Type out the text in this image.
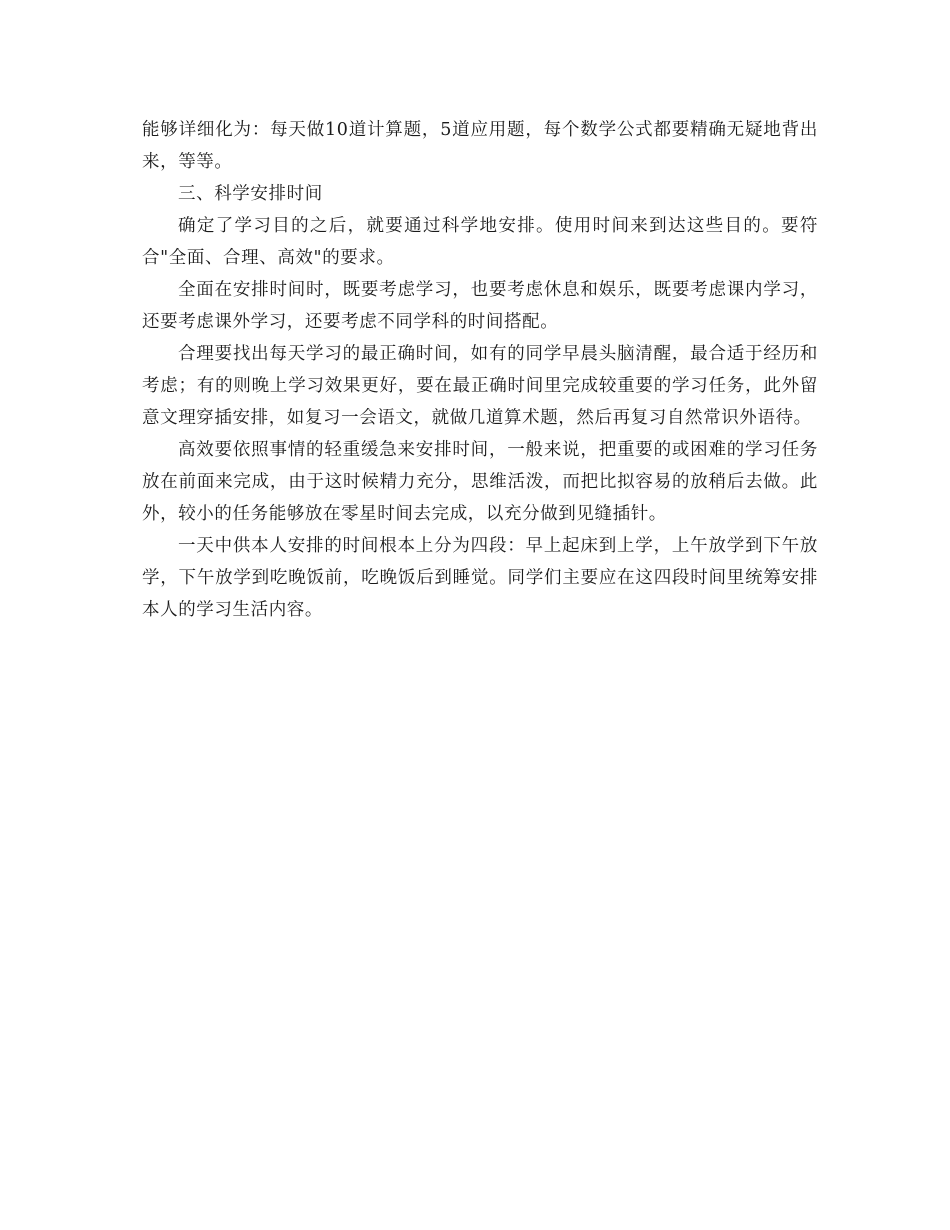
能够详细化为：每天做10道计算题，5道应用题，每个数学公式都要精确无疑地背出来，等等。

三、科学安排时间

确定了学习目的之后，就要通过科学地安排。使用时间来到达这些目的。要符合"全面、合理、高效"的要求。

全面在安排时间时，既要考虑学习，也要考虑休息和娱乐，既要考虑课内学习，还要考虑课外学习，还要考虑不同学科的时间搭配。

合理要找出每天学习的最正确时间，如有的同学早晨头脑清醒，最合适于经历和考虑；有的则晚上学习效果更好，要在最正确时间里完成较重要的学习任务，此外留意文理穿插安排，如复习一会语文，就做几道算术题，然后再复习自然常识外语待。

高效要依照事情的轻重缓急来安排时间，一般来说，把重要的或困难的学习任务放在前面来完成，由于这时候精力充分，思维活泼，而把比拟容易的放稍后去做。此外，较小的任务能够放在零星时间去完成，以充分做到见缝插针。

一天中供本人安排的时间根本上分为四段：早上起床到上学，上午放学到下午放学，下午放学到吃晚饭前，吃晚饭后到睡觉。同学们主要应在这四段时间里统筹安排本人的学习生活内容。
